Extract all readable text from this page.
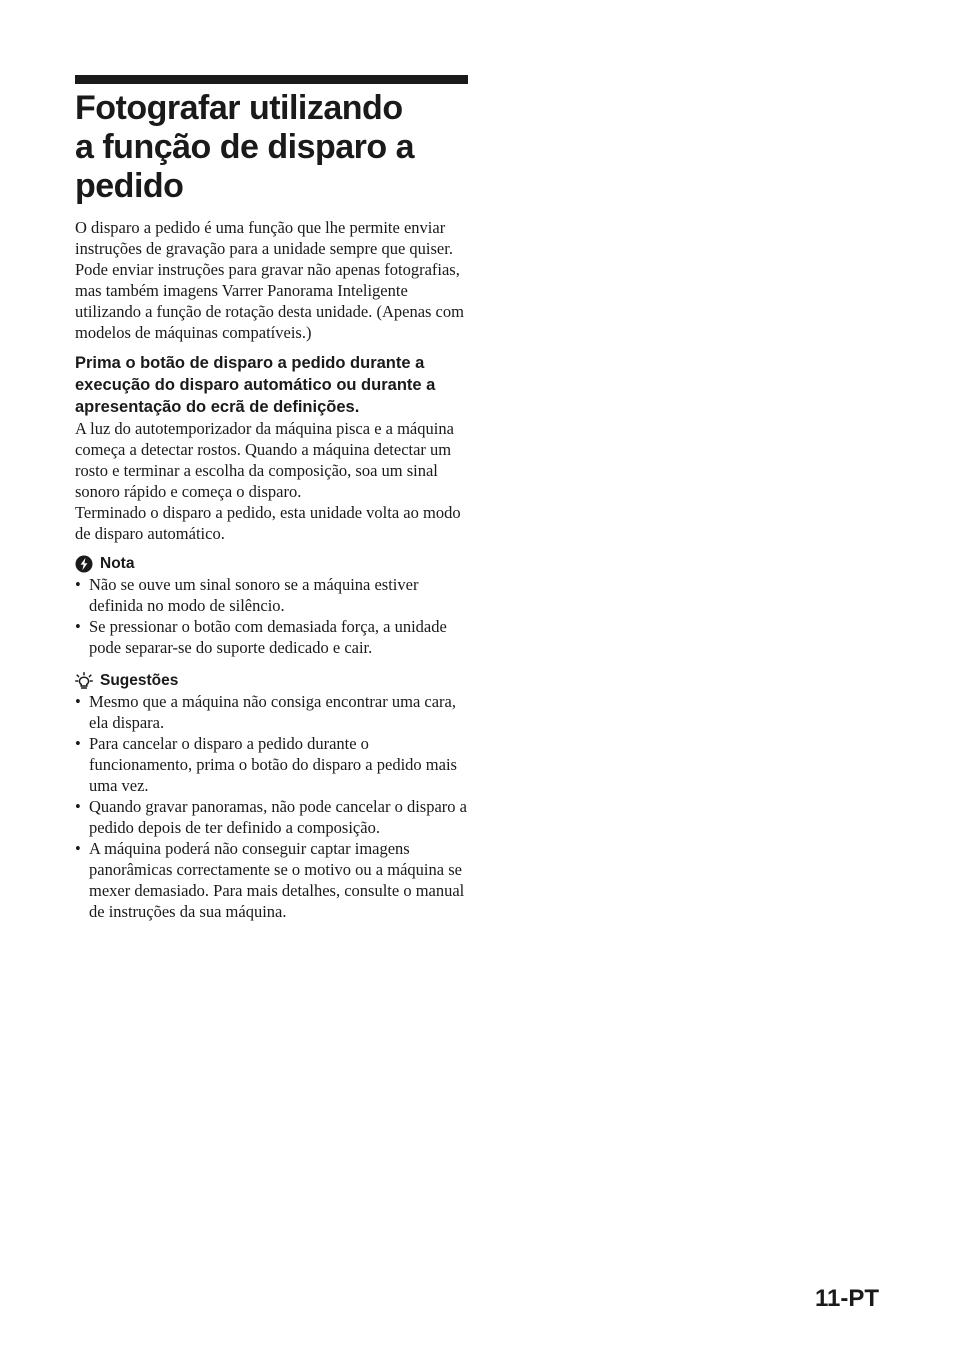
Fotografar utilizando
a função de disparo a
pedido

O disparo a pedido é uma função que lhe permite enviar instruções de gravação para a unidade sempre que quiser.

Pode enviar instruções para gravar não apenas fotografias, mas também imagens Varrer Panorama Inteligente utilizando a função de rotação desta unidade. (Apenas com modelos de máquinas compatíveis.)

Prima o botão de disparo a pedido durante a execução do disparo automático ou durante a apresentação do ecrã de definições.

A luz do autotemporizador da máquina pisca e a máquina começa a detectar rostos. Quando a máquina detectar um rosto e terminar a escolha da composição, soa um sinal sonoro rápido e começa o disparo.

Terminado o disparo a pedido, esta unidade volta ao modo de disparo automático.

Nota
• Não se ouve um sinal sonoro se a máquina estiver definida no modo de silêncio.
• Se pressionar o botão com demasiada força, a unidade pode separar-se do suporte dedicado e cair.
Sugestões
• Mesmo que a máquina não consiga encontrar uma cara, ela dispara.
• Para cancelar o disparo a pedido durante o funcionamento, prima o botão do disparo a pedido mais uma vez.
• Quando gravar panoramas, não pode cancelar o disparo a pedido depois de ter definido a composição.
• A máquina poderá não conseguir captar imagens panorâmicas correctamente se o motivo ou a máquina se mexer demasiado. Para mais detalhes, consulte o manual de instruções da sua máquina.
11-PT
